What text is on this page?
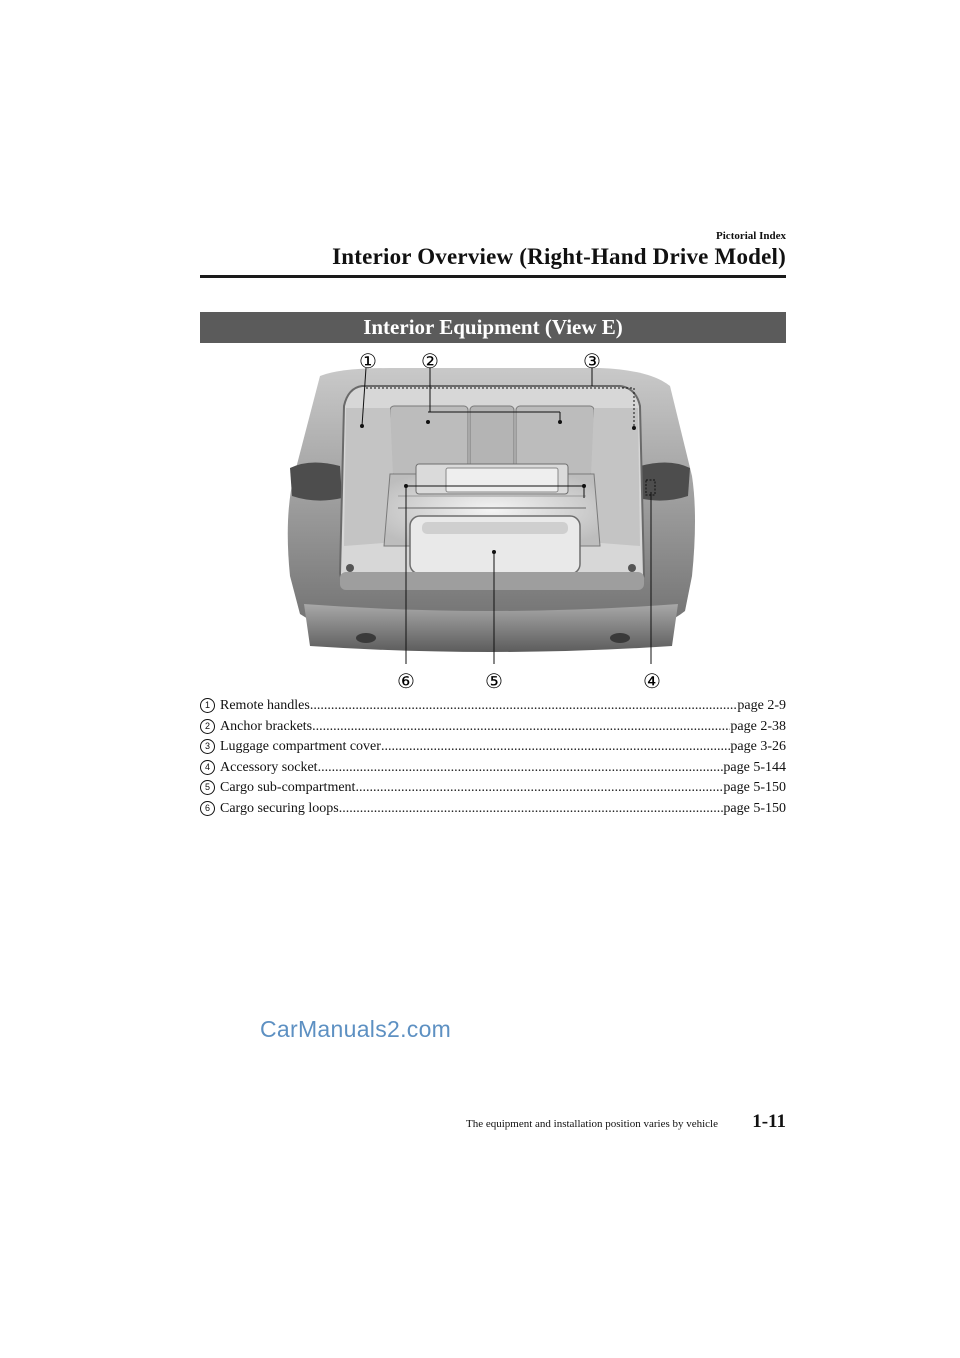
Pictorial Index
Interior Overview (Right-Hand Drive Model)
Interior Equipment (View E)
① ②	③
④
⑤
⑥
1 Remote handles .....	page 2-9
2 Anchor brackets .....	page 2-38
3 Luggage compartment cover .....	page 3-26
4 Accessory socket .....	page 5-144
5 Cargo sub-compartment .....	page 5-150
6 Cargo securing loops .....	page 5-150
CarManuals2.com
The equipment and installation position varies by vehicle 1-11
